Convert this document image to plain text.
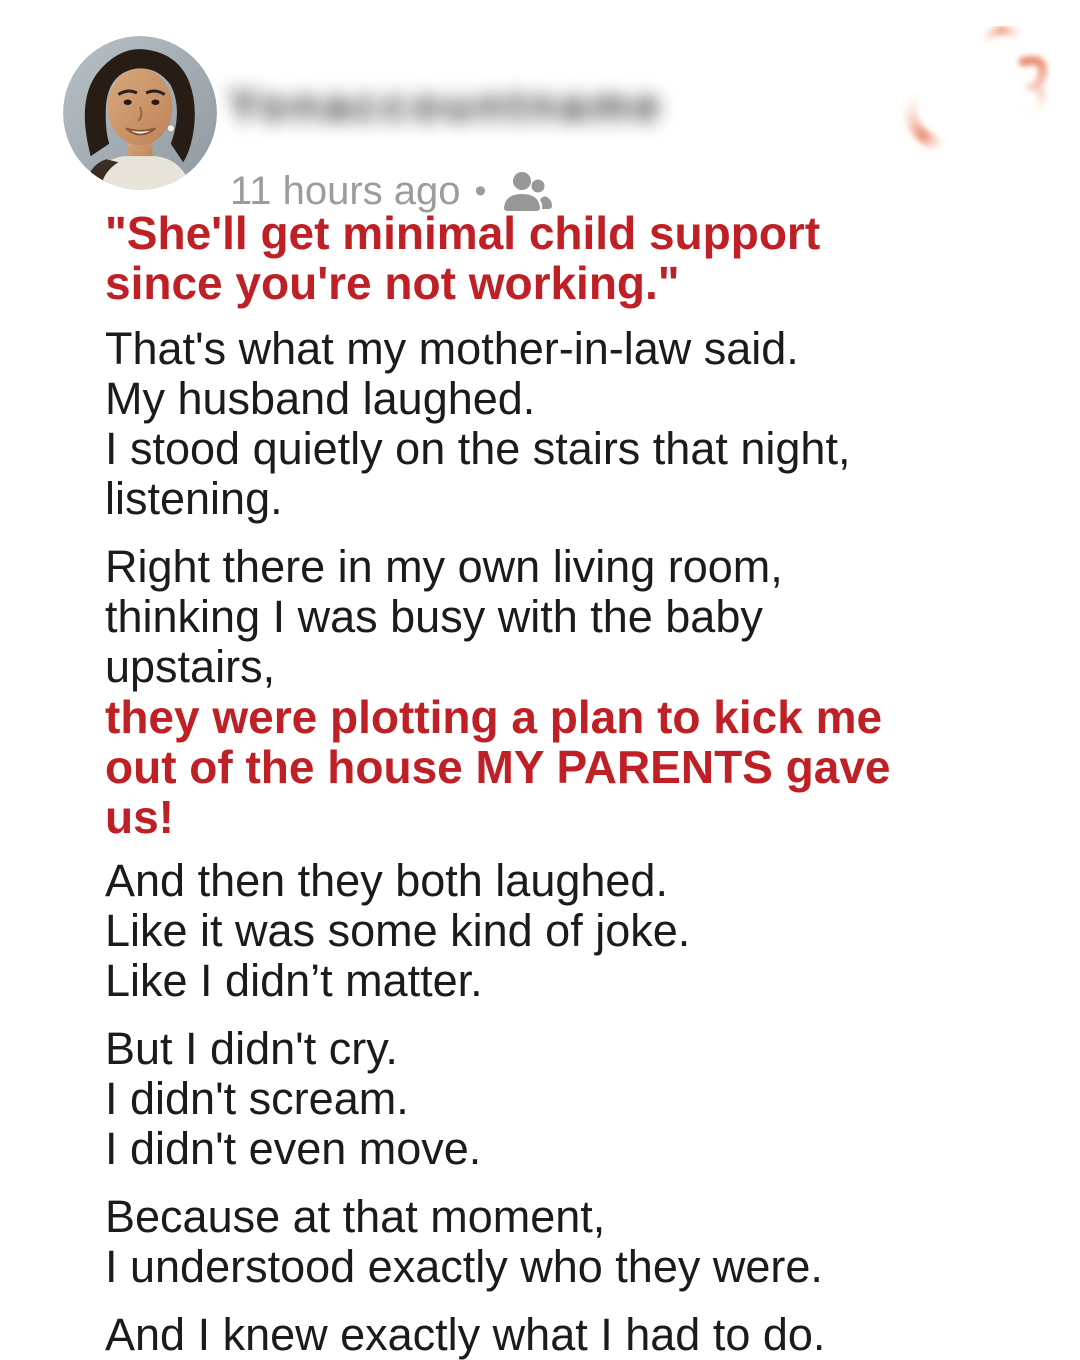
Yonaccountname
11 hours ago •
"She'll get minimal child support
since you're not working."
That's what my mother-in-law said.
My husband laughed.
I stood quietly on the stairs that night,
listening.
Right there in my own living room,
thinking I was busy with the baby
upstairs,
they were plotting a plan to kick me
out of the house MY PARENTS gave
us!
And then they both laughed.
Like it was some kind of joke.
Like I didn’t matter.
But I didn't cry.
I didn't scream.
I didn't even move.
Because at that moment,
I understood exactly who they were.
And I knew exactly what I had to do.
